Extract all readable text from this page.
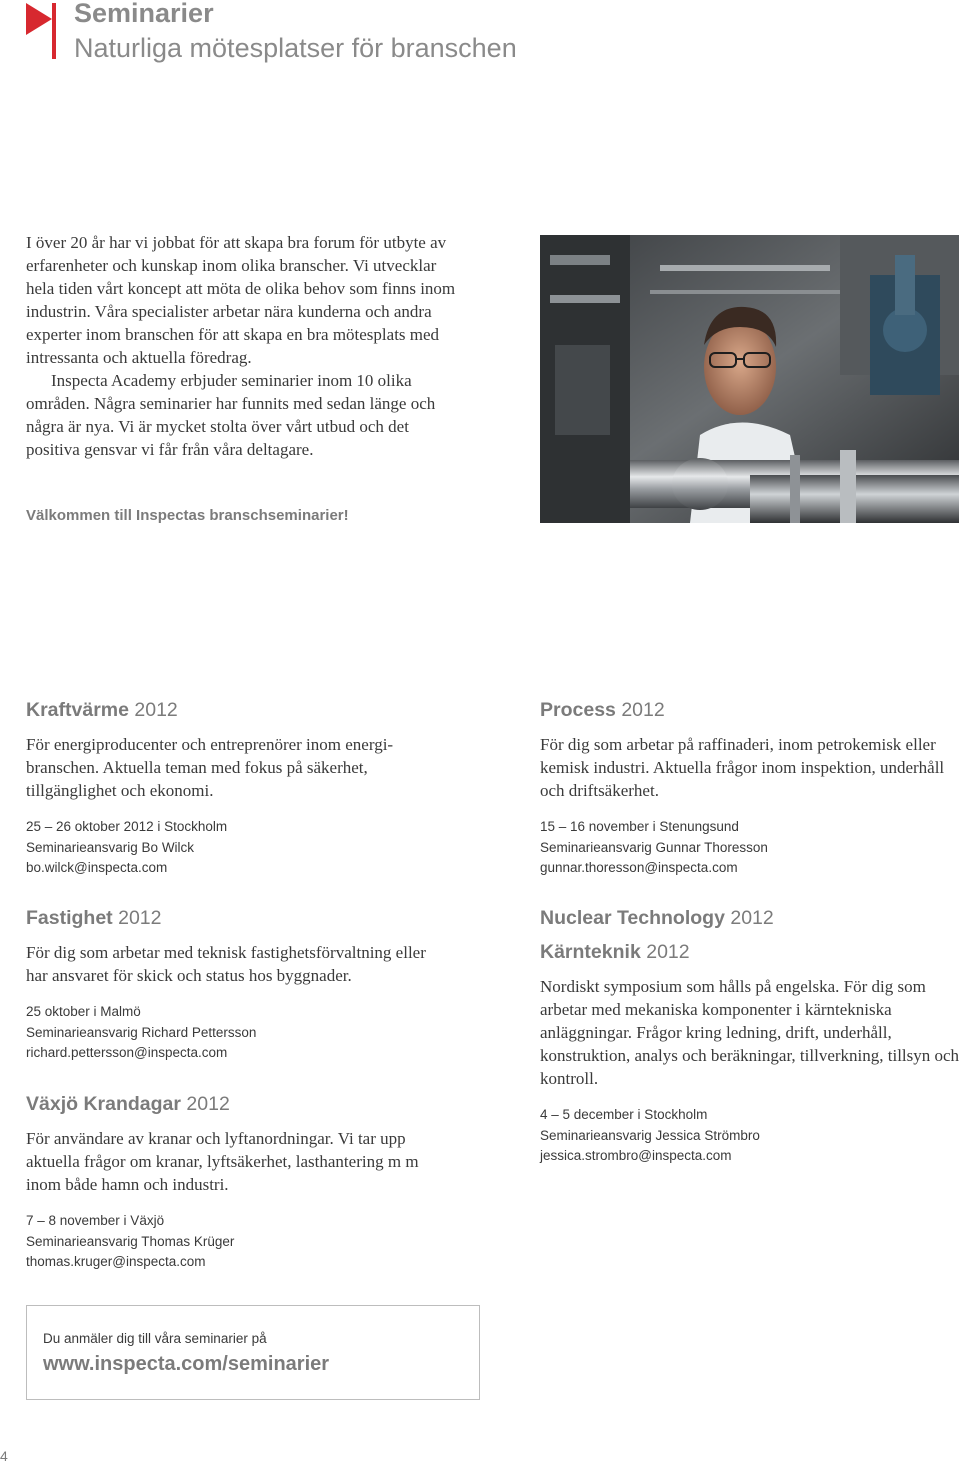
Seminarier
Naturliga mötesplatser för branschen

I över 20 år har vi jobbat för att skapa bra forum för utbyte av erfarenheter och kunskap inom olika branscher. Vi utvecklar hela tiden vårt koncept att möta de olika behov som finns inom industrin. Våra specialister arbetar nära kunderna och andra experter inom branschen för att skapa en bra mötesplats med intressanta och aktuella föredrag.

Inspecta Academy erbjuder seminarier inom 10 olika områden. Några seminarier har funnits med sedan länge och några är nya. Vi är mycket stolta över vårt utbud och det positiva gensvar vi får från våra deltagare.

Välkommen till Inspectas branschseminarier!
Kraftvärme 2012

För energiproducenter och entreprenörer inom energi-branschen. Aktuella teman med fokus på säkerhet, tillgänglighet och ekonomi.

25 – 26 oktober 2012 i Stockholm
Seminarieansvarig Bo Wilck
bo.wilck@inspecta.com
Process 2012

För dig som arbetar på raffinaderi, inom petrokemisk eller kemisk industri. Aktuella frågor inom inspektion, underhåll och driftsäkerhet.

15 – 16 november i Stenungsund
Seminarieansvarig Gunnar Thoresson
gunnar.thoresson@inspecta.com
Fastighet 2012

För dig som arbetar med teknisk fastighetsförvaltning eller har ansvaret för skick och status hos byggnader.

25 oktober i Malmö
Seminarieansvarig Richard Pettersson
richard.pettersson@inspecta.com
Nuclear Technology 2012
Kärnteknik 2012

Nordiskt symposium som hålls på engelska. För dig som arbetar med mekaniska komponenter i kärntekniska anläggningar. Frågor kring ledning, drift, underhåll, konstruktion, analys och beräkningar, tillverkning, tillsyn och kontroll.

4 – 5 december i Stockholm
Seminarieansvarig Jessica Strömbro
jessica.strombro@inspecta.com
Växjö Krandagar 2012

För användare av kranar och lyftanordningar. Vi tar upp aktuella frågor om kranar, lyftsäkerhet, lasthantering m m inom både hamn och industri.

7 – 8 november i Växjö
Seminarieansvarig Thomas Krüger
thomas.kruger@inspecta.com
Du anmäler dig till våra seminarier på
www.inspecta.com/seminarier
4
